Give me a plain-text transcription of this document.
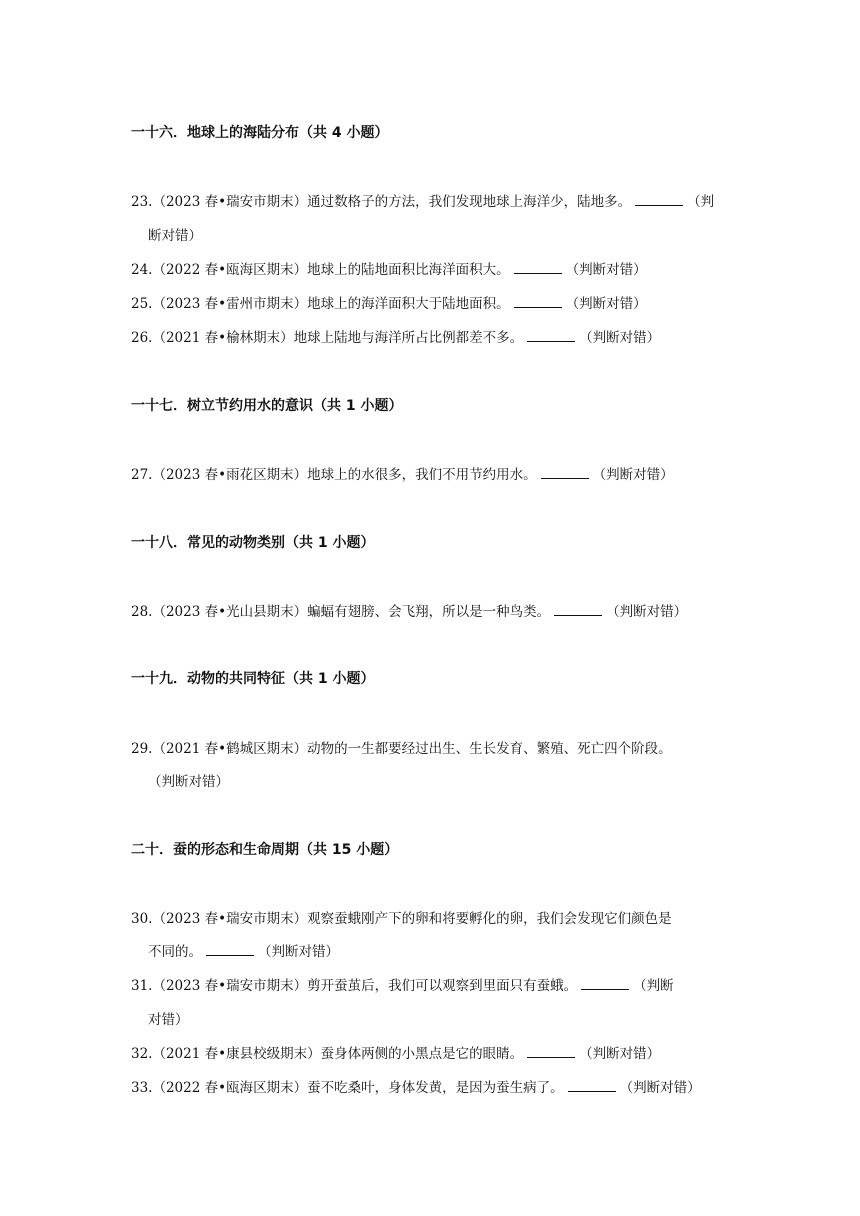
一十六．地球上的海陆分布（共 4 小题）
23.（2023 春•瑞安市期末）通过数格子的方法，我们发现地球上海洋少，陆地多。	（判
断对错）
24.（2022 春•瓯海区期末）地球上的陆地面积比海洋面积大。	（判断对错）
25.（2023 春•雷州市期末）地球上的海洋面积大于陆地面积。	（判断对错）
26.（2021 春•榆林期末）地球上陆地与海洋所占比例都差不多。	（判断对错）
一十七．树立节约用水的意识（共 1 小题）
27.（2023 春•雨花区期末）地球上的水很多，我们不用节约用水。	（判断对错）
一十八．常见的动物类别（共 1 小题）
28.（2023 春•光山县期末）蝙蝠有翅膀、会飞翔，所以是一种鸟类。	（判断对错）
一十九．动物的共同特征（共 1 小题）
29.（2021 春•鹤城区期末）动物的一生都要经过出生、生长发育、繁殖、死亡四个阶段。
（判断对错）
二十．蚕的形态和生命周期（共 15 小题）
30.（2023 春•瑞安市期末）观察蚕蛾刚产下的卵和将要孵化的卵，我们会发现它们颜色是
不同的。	（判断对错）
31.（2023 春•瑞安市期末）剪开蚕茧后，我们可以观察到里面只有蚕蛾。	（判断
对错）
32.（2021 春•康县校级期末）蚕身体两侧的小黑点是它的眼睛。	（判断对错）
33.（2022 春•瓯海区期末）蚕不吃桑叶，身体发黄，是因为蚕生病了。	（判断对错）
